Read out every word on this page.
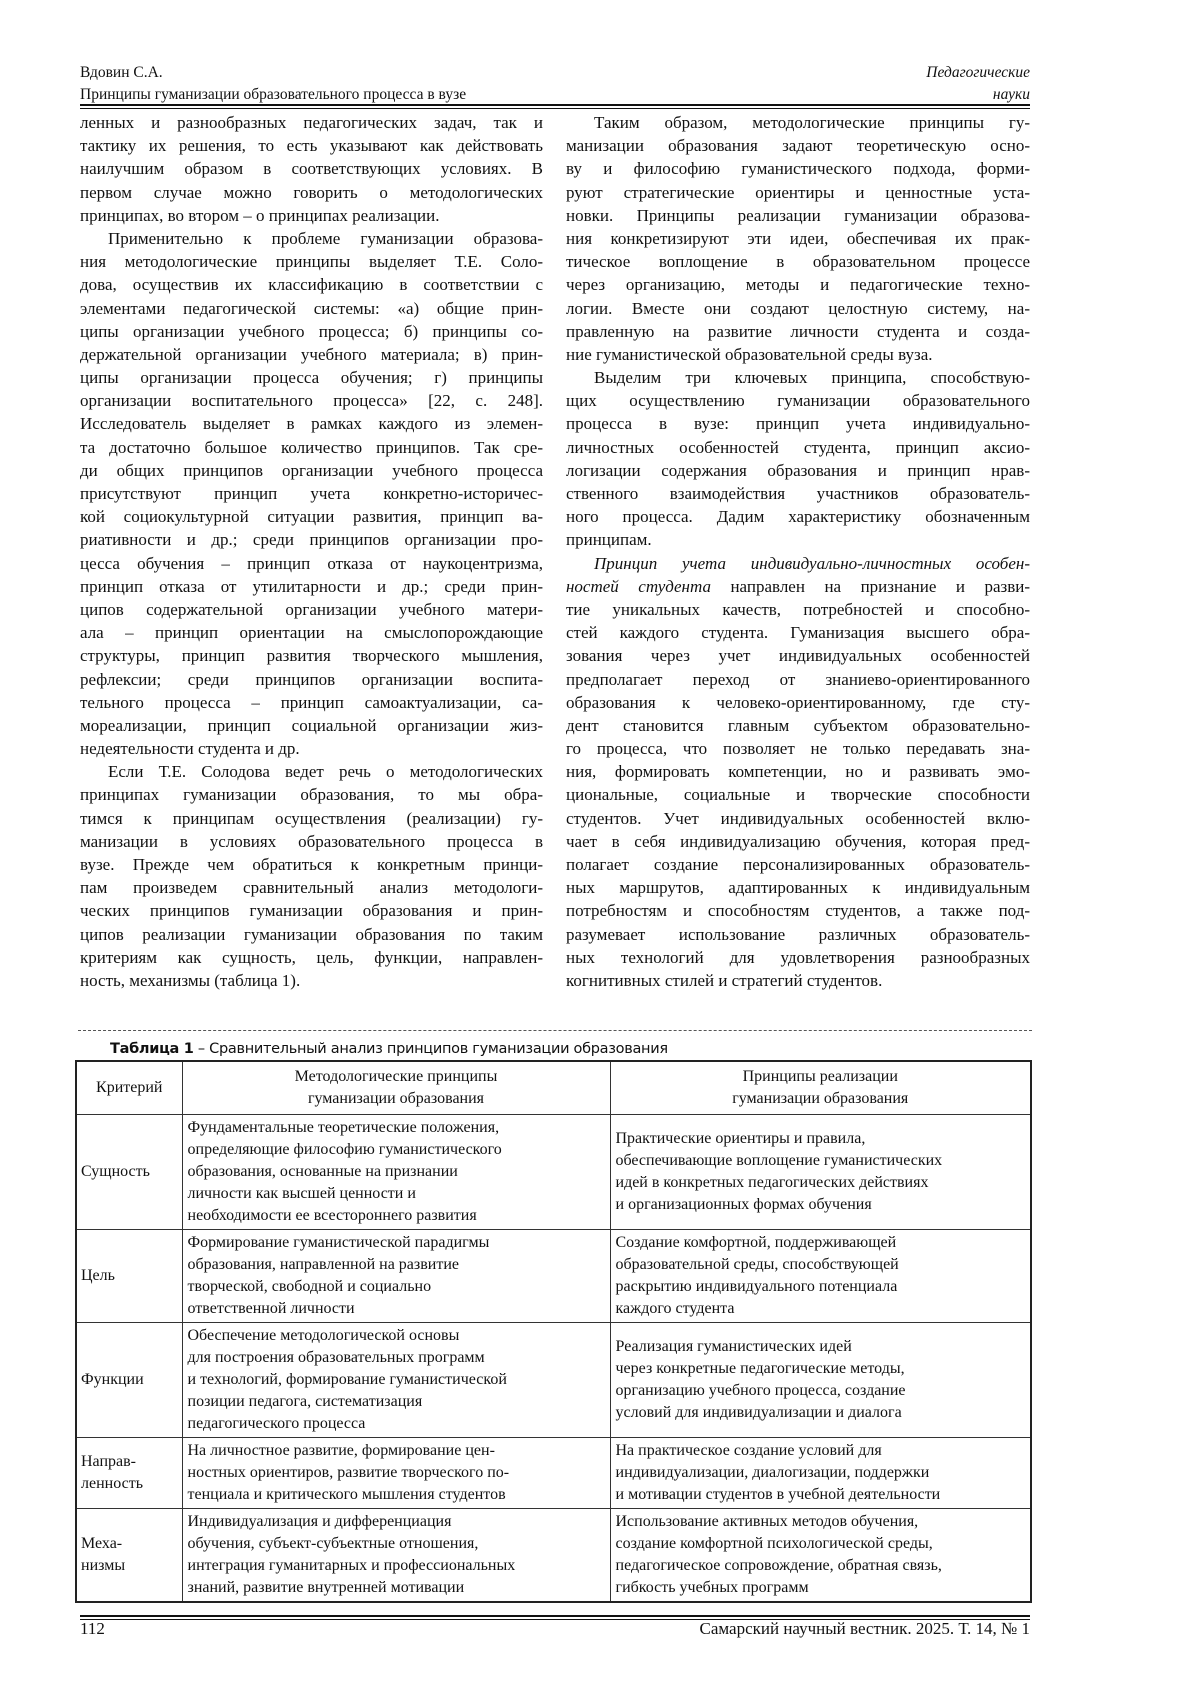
Вдовин С.А.
Принципы гуманизации образовательного процесса в вузе
Педагогические
науки
ленных и разнообразных педагогических задач, так и
тактику их решения, то есть указывают как действовать
наилучшим образом в соответствующих условиях. В
первом случае можно говорить о методологических
принципах, во втором – о принципах реализации.
Применительно к проблеме гуманизации образова-
ния методологические принципы выделяет Т.Е. Соло-
дова, осуществив их классификацию в соответствии с
элементами педагогической системы: «а) общие прин-
ципы организации учебного процесса; б) принципы со-
держательной организации учебного материала; в) прин-
ципы организации процесса обучения; г) принципы
организации воспитательного процесса» [22, с. 248].
Исследователь выделяет в рамках каждого из элемен-
та достаточно большое количество принципов. Так сре-
ди общих принципов организации учебного процесса
присутствуют принцип учета конкретно-историчес-
кой социокультурной ситуации развития, принцип ва-
риативности и др.; среди принципов организации про-
цесса обучения – принцип отказа от наукоцентризма,
принцип отказа от утилитарности и др.; среди прин-
ципов содержательной организации учебного матери-
ала – принцип ориентации на смыслопорождающие
структуры, принцип развития творческого мышления,
рефлексии; среди принципов организации воспита-
тельного процесса – принцип самоактуализации, са-
мореализации, принцип социальной организации жиз-
недеятельности студента и др.
Если Т.Е. Солодова ведет речь о методологических
принципах гуманизации образования, то мы обра-
тимся к принципам осуществления (реализации) гу-
манизации в условиях образовательного процесса в
вузе. Прежде чем обратиться к конкретным принци-
пам произведем сравнительный анализ методологи-
ческих принципов гуманизации образования и прин-
ципов реализации гуманизации образования по таким
критериям как сущность, цель, функции, направлен-
ность, механизмы (таблица 1).
Таким образом, методологические принципы гу-
манизации образования задают теоретическую осно-
ву и философию гуманистического подхода, форми-
руют стратегические ориентиры и ценностные уста-
новки. Принципы реализации гуманизации образова-
ния конкретизируют эти идеи, обеспечивая их прак-
тическое воплощение в образовательном процессе
через организацию, методы и педагогические техно-
логии. Вместе они создают целостную систему, на-
правленную на развитие личности студента и созда-
ние гуманистической образовательной среды вуза.
Выделим три ключевых принципа, способствую-
щих осуществлению гуманизации образовательного
процесса в вузе: принцип учета индивидуально-
личностных особенностей студента, принцип аксио-
логизации содержания образования и принцип нрав-
ственного взаимодействия участников образователь-
ного процесса. Дадим характеристику обозначенным
принципам.
Принцип учета индивидуально-личностных особен-
ностей студента направлен на признание и разви-
тие уникальных качеств, потребностей и способно-
стей каждого студента. Гуманизация высшего обра-
зования через учет индивидуальных особенностей
предполагает переход от знаниево-ориентированного
образования к человеко-ориентированному, где сту-
дент становится главным субъектом образовательно-
го процесса, что позволяет не только передавать зна-
ния, формировать компетенции, но и развивать эмо-
циональные, социальные и творческие способности
студентов. Учет индивидуальных особенностей вклю-
чает в себя индивидуализацию обучения, которая пред-
полагает создание персонализированных образователь-
ных маршрутов, адаптированных к индивидуальным
потребностям и способностям студентов, а также под-
разумевает использование различных образователь-
ных технологий для удовлетворения разнообразных
когнитивных стилей и стратегий студентов.
Таблица 1 – Сравнительный анализ принципов гуманизации образования
Критерий

Методологические принципы
гуманизации образования

Принципы реализации
гуманизации образования

Сущность

Фундаментальные теоретические положения,
определяющие философию гуманистического
образования, основанные на признании
личности как высшей ценности и
необходимости ее всестороннего развития

Практические ориентиры и правила,
обеспечивающие воплощение гуманистических
идей в конкретных педагогических действиях
и организационных формах обучения

Цель

Формирование гуманистической парадигмы
образования, направленной на развитие
творческой, свободной и социально
ответственной личности

Создание комфортной, поддерживающей
образовательной среды, способствующей
раскрытию индивидуального потенциала
каждого студента

Функции

Обеспечение методологической основы
для построения образовательных программ
и технологий, формирование гуманистической
позиции педагога, систематизация
педагогического процесса

Реализация гуманистических идей
через конкретные педагогические методы,
организацию учебного процесса, создание
условий для индивидуализации и диалога

Направ-
ленность

На личностное развитие, формирование цен-
ностных ориентиров, развитие творческого по-
тенциала и критического мышления студентов

На практическое создание условий для
индивидуализации, диалогизации, поддержки
и мотивации студентов в учебной деятельности

Меха-
низмы

Индивидуализация и дифференциация
обучения, субъект-субъектные отношения,
интеграция гуманитарных и профессиональных
знаний, развитие внутренней мотивации

Использование активных методов обучения,
создание комфортной психологической среды,
педагогическое сопровождение, обратная связь,
гибкость учебных программ
112	Самарский научный вестник. 2025. Т. 14, № 1
